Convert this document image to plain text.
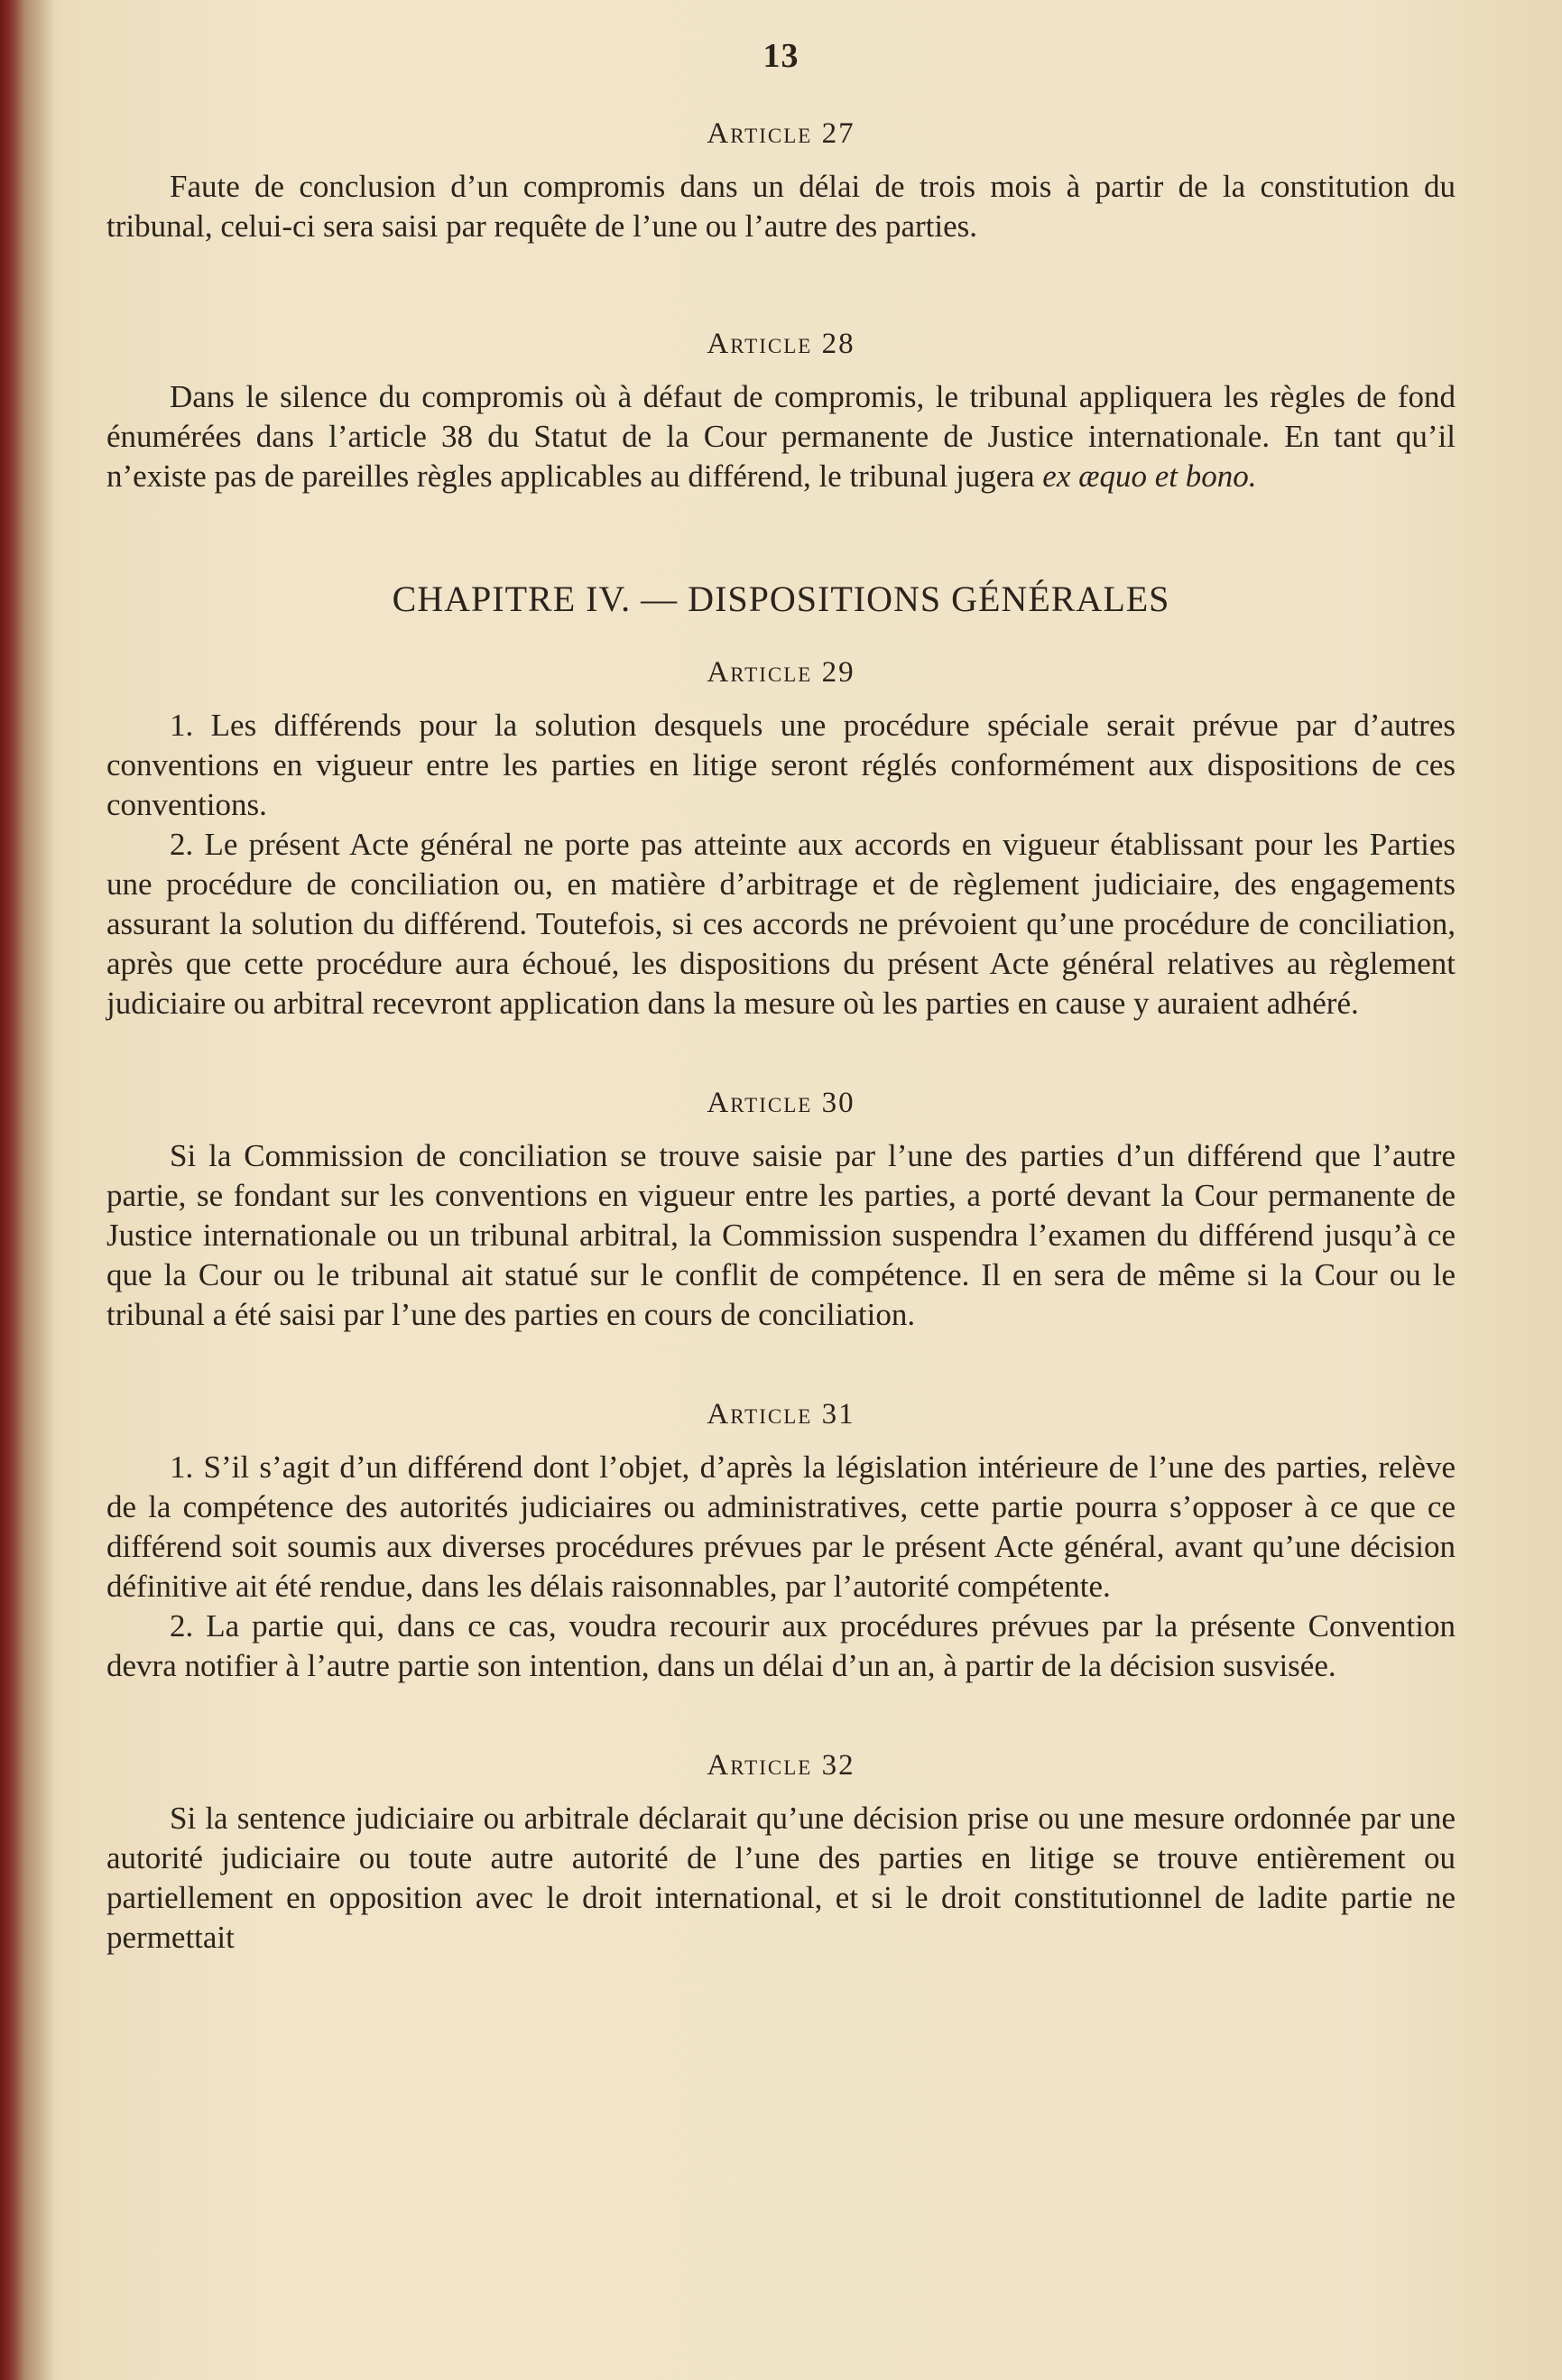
13
Article 27

Faute de conclusion d’un compromis dans un délai de trois mois à partir de la constitution du tribunal, celui-ci sera saisi par requête de l’une ou l’autre des parties.

Article 28

Dans le silence du compromis où à défaut de compromis, le tribunal appliquera les règles de fond énumérées dans l’article 38 du Statut de la Cour permanente de Justice internationale. En tant qu’il n’existe pas de pareilles règles applicables au différend, le tribunal jugera ex æquo et bono.

CHAPITRE IV. — DISPOSITIONS GÉNÉRALES
Article 29

1. Les différends pour la solution desquels une procédure spéciale serait prévue par d’autres conventions en vigueur entre les parties en litige seront réglés conformément aux dispositions de ces conventions.

2. Le présent Acte général ne porte pas atteinte aux accords en vigueur établissant pour les Parties une procédure de conciliation ou, en matière d’arbitrage et de règlement judiciaire, des engagements assurant la solution du différend. Toutefois, si ces accords ne prévoient qu’une procédure de conciliation, après que cette procédure aura échoué, les dispositions du présent Acte général relatives au règlement judiciaire ou arbitral recevront application dans la mesure où les parties en cause y auraient adhéré.

Article 30

Si la Commission de conciliation se trouve saisie par l’une des parties d’un différend que l’autre partie, se fondant sur les conventions en vigueur entre les parties, a porté devant la Cour permanente de Justice internationale ou un tribunal arbitral, la Commission suspendra l’examen du différend jusqu’à ce que la Cour ou le tribunal ait statué sur le conflit de compétence. Il en sera de même si la Cour ou le tribunal a été saisi par l’une des parties en cours de conciliation.

Article 31

1. S’il s’agit d’un différend dont l’objet, d’après la législation intérieure de l’une des parties, relève de la compétence des autorités judiciaires ou administratives, cette partie pourra s’opposer à ce que ce différend soit soumis aux diverses procédures prévues par le présent Acte général, avant qu’une décision définitive ait été rendue, dans les délais raisonnables, par l’autorité compétente.

2. La partie qui, dans ce cas, voudra recourir aux procédures prévues par la présente Convention devra notifier à l’autre partie son intention, dans un délai d’un an, à partir de la décision susvisée.

Article 32

Si la sentence judiciaire ou arbitrale déclarait qu’une décision prise ou une mesure ordonnée par une autorité judiciaire ou toute autre autorité de l’une des parties en litige se trouve entièrement ou partiellement en opposition avec le droit international, et si le droit constitutionnel de ladite partie ne permettait
